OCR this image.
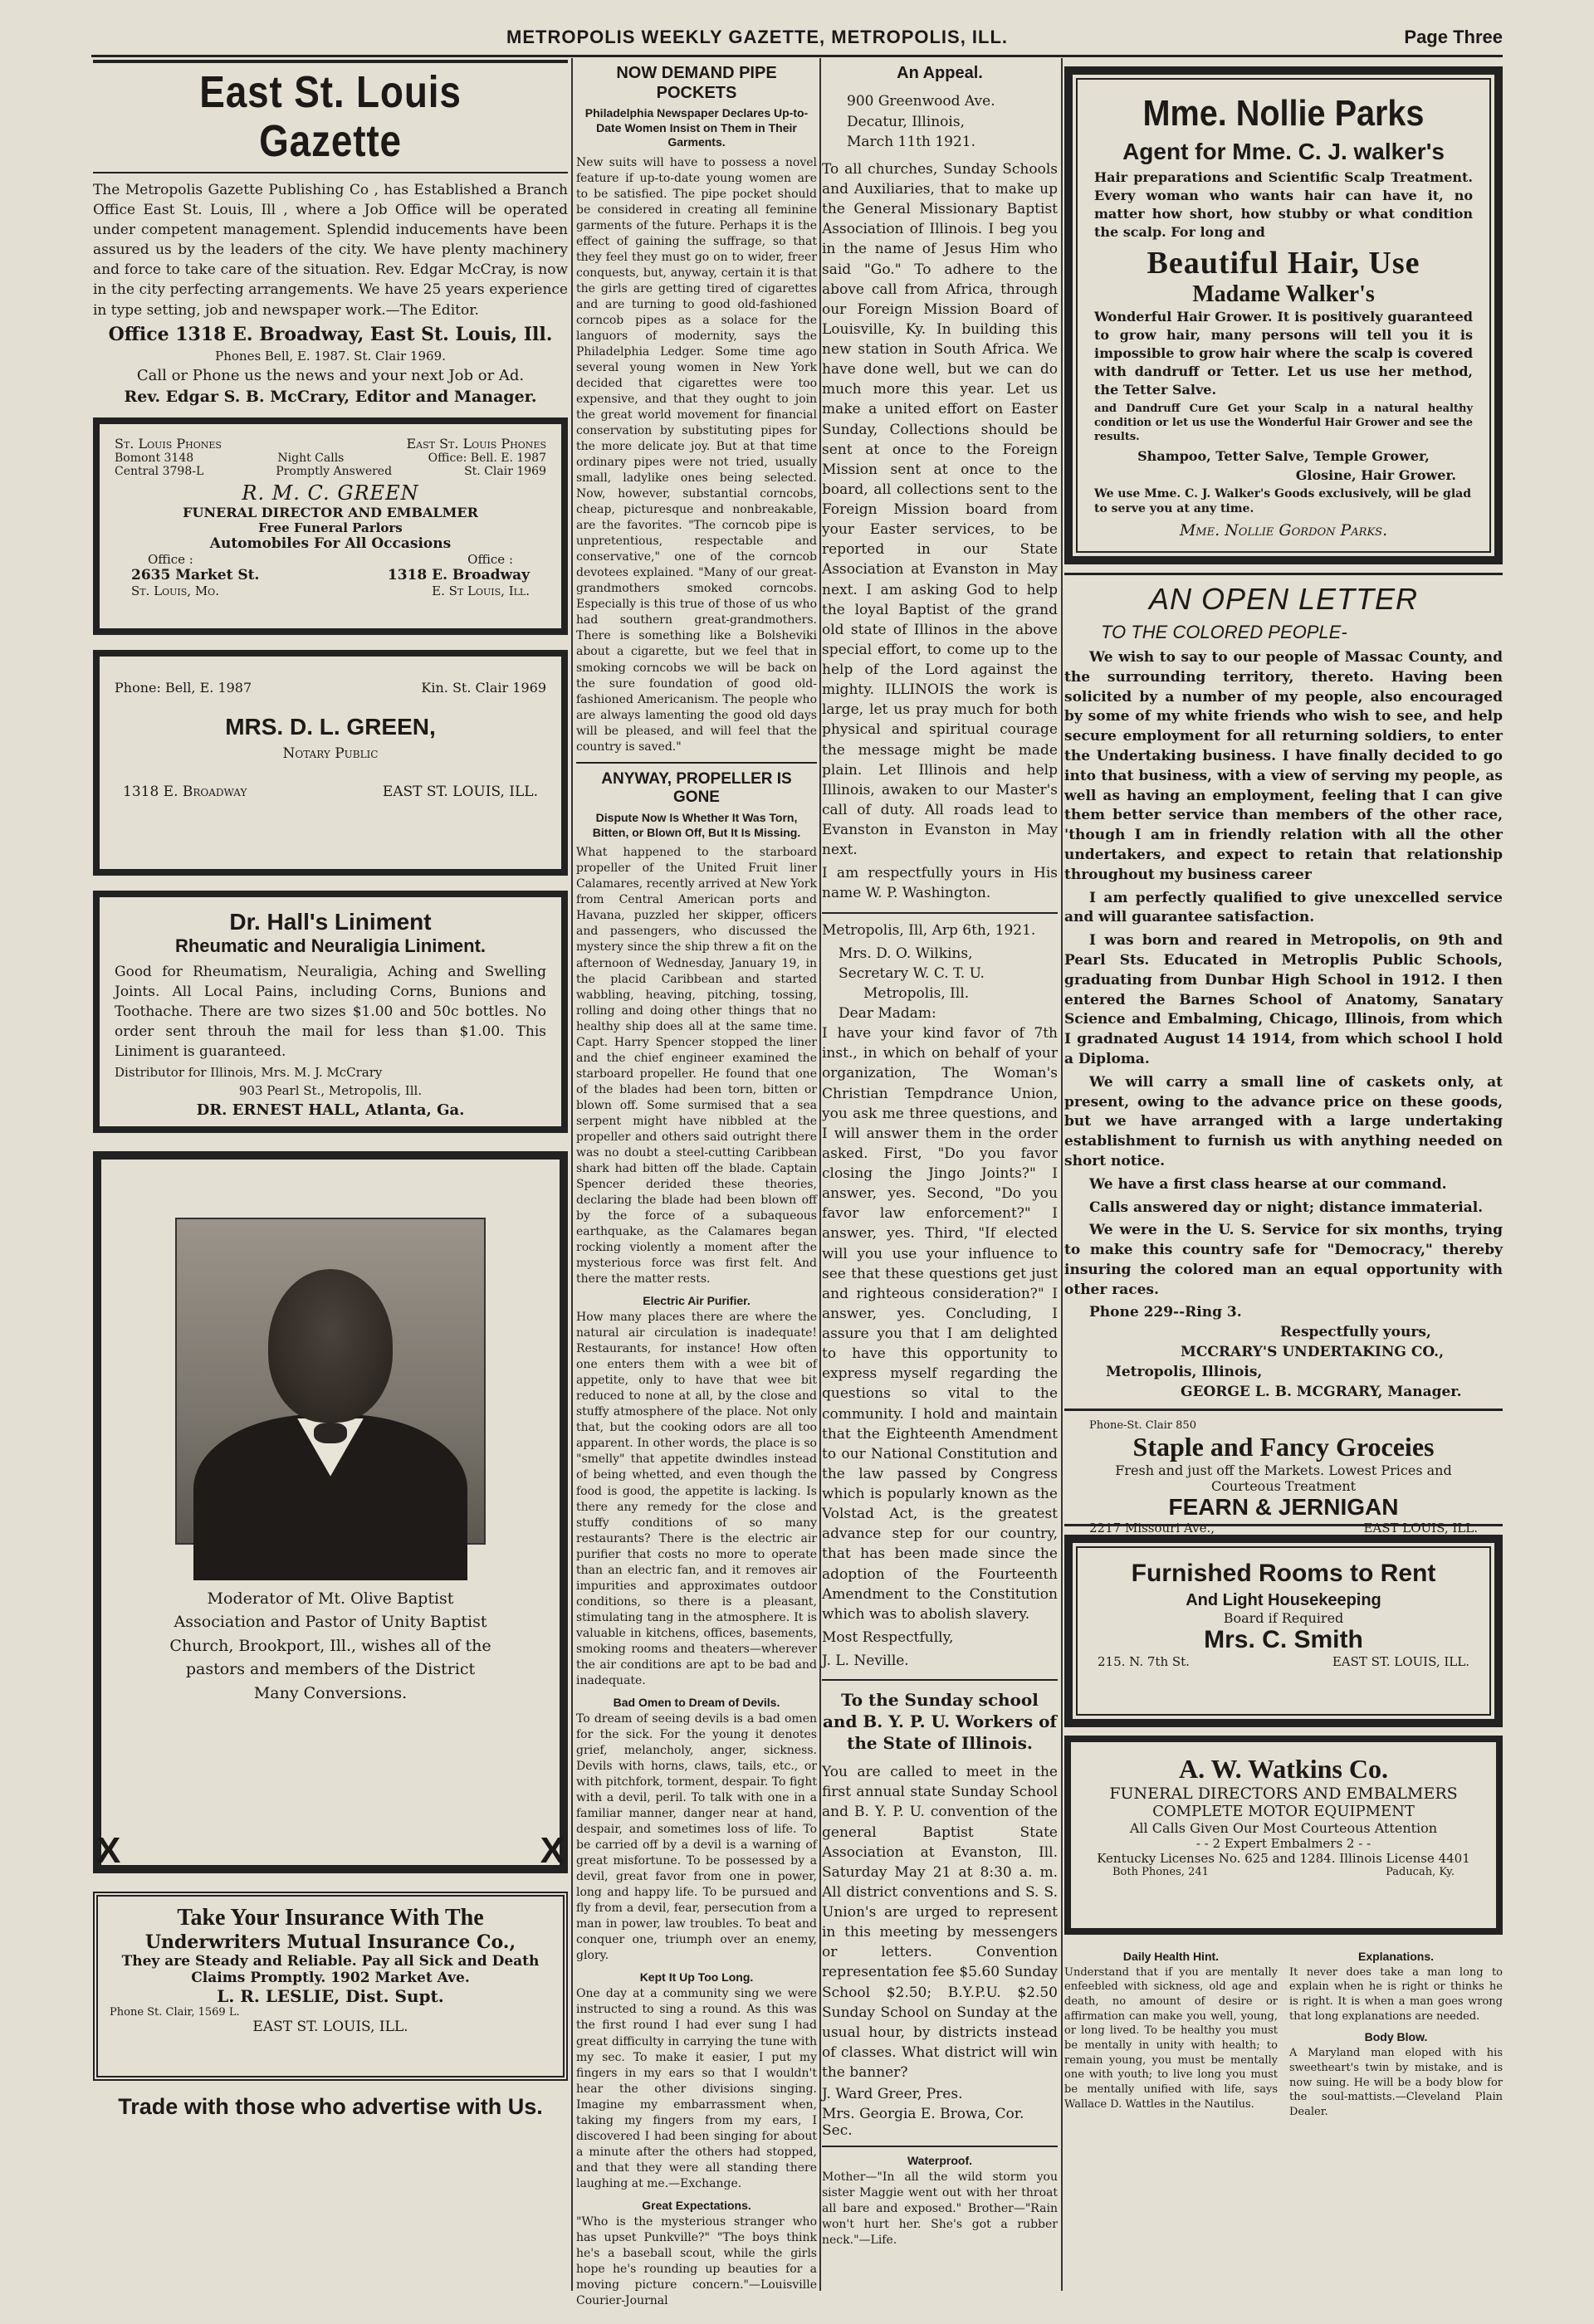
METROPOLIS WEEKLY GAZETTE, METROPOLIS, ILL.	Page Three
East St. Louis Gazette

The Metropolis Gazette Publishing Co , has Established a Branch Office East St. Louis, Ill , where a Job Office will be operated under competent management. Splendid inducements have been assured us by the leaders of the city. We have plenty machinery and force to take care of the situation. Rev. Edgar McCray, is now in the city perfecting arrangements. We have 25 years experience in type setting, job and newspaper work.—The Editor.

Office 1318 E. Broadway, East St. Louis, Ill.

Phones Bell, E. 1987. St. Clair 1969.

Call or Phone us the news and your next Job or Ad.

Rev. Edgar S. B. McCrary, Editor and Manager.

St. Louis Phones	East St. Louis Phones
Bomont 3148	Night Calls	Office: Bell. E. 1987
Central 3798-L	Promptly Answered	St. Clair 1969
R. M. C. GREEN
FUNERAL DIRECTOR AND EMBALMER
Free Funeral Parlors
Automobiles For All Occasions
Office :	Office :
2635 Market St.	1318 E. Broadway
St. Louis, Mo.	E. St Louis, Ill.
Phone: Bell, E. 1987	Kin. St. Clair 1969
MRS. D. L. GREEN,
Notary Public
1318 E. Broadway	EAST ST. LOUIS, ILL.
Dr. Hall's Liniment
Rheumatic and Neuraligia Liniment.

Good for Rheumatism, Neuraligia, Aching and Swelling Joints. All Local Pains, including Corns, Bunions and Toothache. There are two sizes $1.00 and 50c bottles. No order sent throuh the mail for less than $1.00. This Liniment is guaranteed.

Distributor for Illinois, Mrs. M. J. McCrary

903 Pearl St., Metropolis, Ill.

DR. ERNEST HALL, Atlanta, Ga.

Moderator of Mt. Olive Baptist Association and Pastor of Unity Baptist Church, Brookport, Ill., wishes all of the pastors and members of the District Many Conversions.

X	X
Take Your Insurance With The
Underwriters Mutual Insurance Co.,
They are Steady and Reliable. Pay all Sick and Death
Claims Promptly. 1902 Market Ave.
L. R. LESLIE, Dist. Supt.
Phone St. Clair, 1569 L.
EAST ST. LOUIS, ILL.
Trade with those who advertise with Us.
NOW DEMAND PIPE POCKETS
Philadelphia Newspaper Declares Up-to-Date Women Insist on Them in Their Garments.

New suits will have to possess a novel feature if up-to-date young women are to be satisfied. The pipe pocket should be considered in creating all feminine garments of the future. Perhaps it is the effect of gaining the suffrage, so that they feel they must go on to wider, freer conquests, but, anyway, certain it is that the girls are getting tired of cigarettes and are turning to good old-fashioned corncob pipes as a solace for the languors of modernity, says the Philadelphia Ledger. Some time ago several young women in New York decided that cigarettes were too expensive, and that they ought to join the great world movement for financial conservation by substituting pipes for the more delicate joy. But at that time ordinary pipes were not tried, usually small, ladylike ones being selected. Now, however, substantial corncobs, cheap, picturesque and nonbreakable, are the favorites. "The corncob pipe is unpretentious, respectable and conservative," one of the corncob devotees explained. "Many of our great-grandmothers smoked corncobs. Especially is this true of those of us who had southern great-grandmothers. There is something like a Bolsheviki about a cigarette, but we feel that in smoking corncobs we will be back on the sure foundation of good old-fashioned Americanism. The people who are always lamenting the good old days will be pleased, and will feel that the country is saved."

ANYWAY, PROPELLER IS GONE
Dispute Now Is Whether It Was Torn, Bitten, or Blown Off, But It Is Missing.

What happened to the starboard propeller of the United Fruit liner Calamares, recently arrived at New York from Central American ports and Havana, puzzled her skipper, officers and passengers, who discussed the mystery since the ship threw a fit on the afternoon of Wednesday, January 19, in the placid Caribbean and started wabbling, heaving, pitching, tossing, rolling and doing other things that no healthy ship does all at the same time. Capt. Harry Spencer stopped the liner and the chief engineer examined the starboard propeller. He found that one of the blades had been torn, bitten or blown off. Some surmised that a sea serpent might have nibbled at the propeller and others said outright there was no doubt a steel-cutting Caribbean shark had bitten off the blade. Captain Spencer derided these theories, declaring the blade had been blown off by the force of a subaqueous earthquake, as the Calamares began rocking violently a moment after the mysterious force was first felt. And there the matter rests.

Electric Air Purifier.

How many places there are where the natural air circulation is inadequate! Restaurants, for instance! How often one enters them with a wee bit of appetite, only to have that wee bit reduced to none at all, by the close and stuffy atmosphere of the place. Not only that, but the cooking odors are all too apparent. In other words, the place is so "smelly" that appetite dwindles instead of being whetted, and even though the food is good, the appetite is lacking. Is there any remedy for the close and stuffy conditions of so many restaurants? There is the electric air purifier that costs no more to operate than an electric fan, and it removes air impurities and approximates outdoor conditions, so there is a pleasant, stimulating tang in the atmosphere. It is valuable in kitchens, offices, basements, smoking rooms and theaters—wherever the air conditions are apt to be bad and inadequate.

Bad Omen to Dream of Devils.

To dream of seeing devils is a bad omen for the sick. For the young it denotes grief, melancholy, anger, sickness. Devils with horns, claws, tails, etc., or with pitchfork, torment, despair. To fight with a devil, peril. To talk with one in a familiar manner, danger near at hand, despair, and sometimes loss of life. To be carried off by a devil is a warning of great misfortune. To be possessed by a devil, great favor from one in power, long and happy life. To be pursued and fly from a devil, fear, persecution from a man in power, law troubles. To beat and conquer one, triumph over an enemy, glory.

Kept It Up Too Long.

One day at a community sing we were instructed to sing a round. As this was the first round I had ever sung I had great difficulty in carrying the tune with my sec. To make it easier, I put my fingers in my ears so that I wouldn't hear the other divisions singing. Imagine my embarrassment when, taking my fingers from my ears, I discovered I had been singing for about a minute after the others had stopped, and that they were all standing there laughing at me.—Exchange.

Great Expectations.

"Who is the mysterious stranger who has upset Punkville?" "The boys think he's a baseball scout, while the girls hope he's rounding up beauties for a moving picture concern."—Louisville Courier-Journal

An Appeal.
900 Greenwood Ave.
Decatur, Illinois,
March 11th 1921.

To all churches, Sunday Schools and Auxiliaries, that to make up the General Missionary Baptist Association of Illinois. I beg you in the name of Jesus Him who said "Go." To adhere to the above call from Africa, through our Foreign Mission Board of Louisville, Ky. In building this new station in South Africa. We have done well, but we can do much more this year. Let us make a united effort on Easter Sunday, Collections should be sent at once to the Foreign Mission sent at once to the board, all collections sent to the Foreign Mission board from your Easter services, to be reported in our State Association at Evanston in May next. I am asking God to help the loyal Baptist of the grand old state of Illinos in the above special effort, to come up to the help of the Lord against the mighty. ILLINOIS the work is large, let us pray much for both physical and spiritual courage the message might be made plain. Let Illinois and help Illinois, awaken to our Master's call of duty. All roads lead to Evanston in Evanston in May next.

I am respectfully yours in His name W. P. Washington.

Metropolis, Ill, Arp 6th, 1921.

Mrs. D. O. Wilkins,
Secretary W. C. T. U.
Metropolis, Ill.
Dear Madam:

I have your kind favor of 7th inst., in which on behalf of your organization, The Woman's Christian Tempdrance Union, you ask me three questions, and I will answer them in the order asked. First, "Do you favor closing the Jingo Joints?" I answer, yes. Second, "Do you favor law enforcement?" I answer, yes. Third, "If elected will you use your influence to see that these questions get just and righteous consideration?" I answer, yes. Concluding, I assure you that I am delighted to have this opportunity to express myself regarding the questions so vital to the community. I hold and maintain that the Eighteenth Amendment to our National Constitution and the law passed by Congress which is popularly known as the Volstad Act, is the greatest advance step for our country, that has been made since the adoption of the Fourteenth Amendment to the Constitution which was to abolish slavery.

Most Respectfully,

J. L. Neville.

To the Sunday school and B. Y. P. U. Workers of the State of Illinois.

You are called to meet in the first annual state Sunday School and B. Y. P. U. convention of the general Baptist State Association at Evanston, Ill. Saturday May 21 at 8:30 a. m. All district conventions and S. S. Union's are urged to represent in this meeting by messengers or letters. Convention representation fee $5.60 Sunday School $2.50; B.Y.P.U. $2.50 Sunday School on Sunday at the usual hour, by districts instead of classes. What district will win the banner?

J. Ward Greer, Pres.

Mrs. Georgia E. Browa, Cor. Sec.

Waterproof.

Mother—"In all the wild storm you sister Maggie went out with her throat all bare and exposed." Brother—"Rain won't hurt her. She's got a rubber neck."—Life.

Mme. Nollie Parks
Agent for Mme. C. J. walker's

Hair preparations and Scientific Scalp Treatment. Every woman who wants hair can have it, no matter how short, how stubby or what condition the scalp. For long and

Beautiful Hair, Use
Madame Walker's

Wonderful Hair Grower. It is positively guaranteed to grow hair, many persons will tell you it is impossible to grow hair where the scalp is covered with dandruff or Tetter. Let us use her method, the Tetter Salve.

and Dandruff Cure Get your Scalp in a natural healthy condition or let us use the Wonderful Hair Grower and see the results.

Shampoo, Tetter Salve, Temple Grower,

Glosine, Hair Grower.

We use Mme. C. J. Walker's Goods exclusively, will be glad to serve you at any time.

Mme. Nollie Gordon Parks.

AN OPEN LETTER
TO THE COLORED PEOPLE-

We wish to say to our people of Massac County, and the surrounding territory, thereto. Having been solicited by a number of my people, also encouraged by some of my white friends who wish to see, and help secure employment for all returning soldiers, to enter the Undertaking business. I have finally decided to go into that business, with a view of serving my people, as well as having an employment, feeling that I can give them better service than members of the other race, 'though I am in friendly relation with all the other undertakers, and expect to retain that relationship throughout my business career

I am perfectly qualified to give unexcelled service and will guarantee satisfaction.

I was born and reared in Metropolis, on 9th and Pearl Sts. Educated in Metroplis Public Schools, graduating from Dunbar High School in 1912. I then entered the Barnes School of Anatomy, Sanatary Science and Embalming, Chicago, Illinois, from which I gradnated August 14 1914, from which school I hold a Diploma.

We will carry a small line of caskets only, at present, owing to the advance price on these goods, but we have arranged with a large undertaking establishment to furnish us with anything needed on short notice.

We have a first class hearse at our command.

Calls answered day or night; distance immaterial.

We were in the U. S. Service for six months, trying to make this country safe for "Democracy," thereby insuring the colored man an equal opportunity with other races.

Phone 229--Ring 3.

Respectfully yours,

MCCRARY'S UNDERTAKING CO.,

Metropolis, Illinois,

GEORGE L. B. MCGRARY, Manager.

Phone-St. Clair 850
Staple and Fancy Groceies
Fresh and just off the Markets. Lowest Prices and
Courteous Treatment
FEARN & JERNIGAN
2217 Missouri Ave.,	EAST LOUIS, ILL.
Furnished Rooms to Rent
And Light Housekeeping
Board if Required
Mrs. C. Smith
215. N. 7th St.	EAST ST. LOUIS, ILL.
A. W. Watkins Co.
FUNERAL DIRECTORS AND EMBALMERS
COMPLETE MOTOR EQUIPMENT
All Calls Given Our Most Courteous Attention
- - 2 Expert Embalmers 2 - -
Kentucky Licenses No. 625 and 1284. Illinois License 4401
Both Phones, 241	Paducah, Ky.
Daily Health Hint.

Understand that if you are mentally enfeebled with sickness, old age and death, no amount of desire or affirmation can make you well, young, or long lived. To be healthy you must be mentally in unity with health; to remain young, you must be mentally one with youth; to live long you must be mentally unified with life, says Wallace D. Wattles in the Nautilus.

Explanations.

It never does take a man long to explain when he is right or thinks he is right. It is when a man goes wrong that long explanations are needed.

Body Blow.

A Maryland man eloped with his sweetheart's twin by mistake, and is now suing. He will be a body blow for the soul-mattists.—Cleveland Plain Dealer.
